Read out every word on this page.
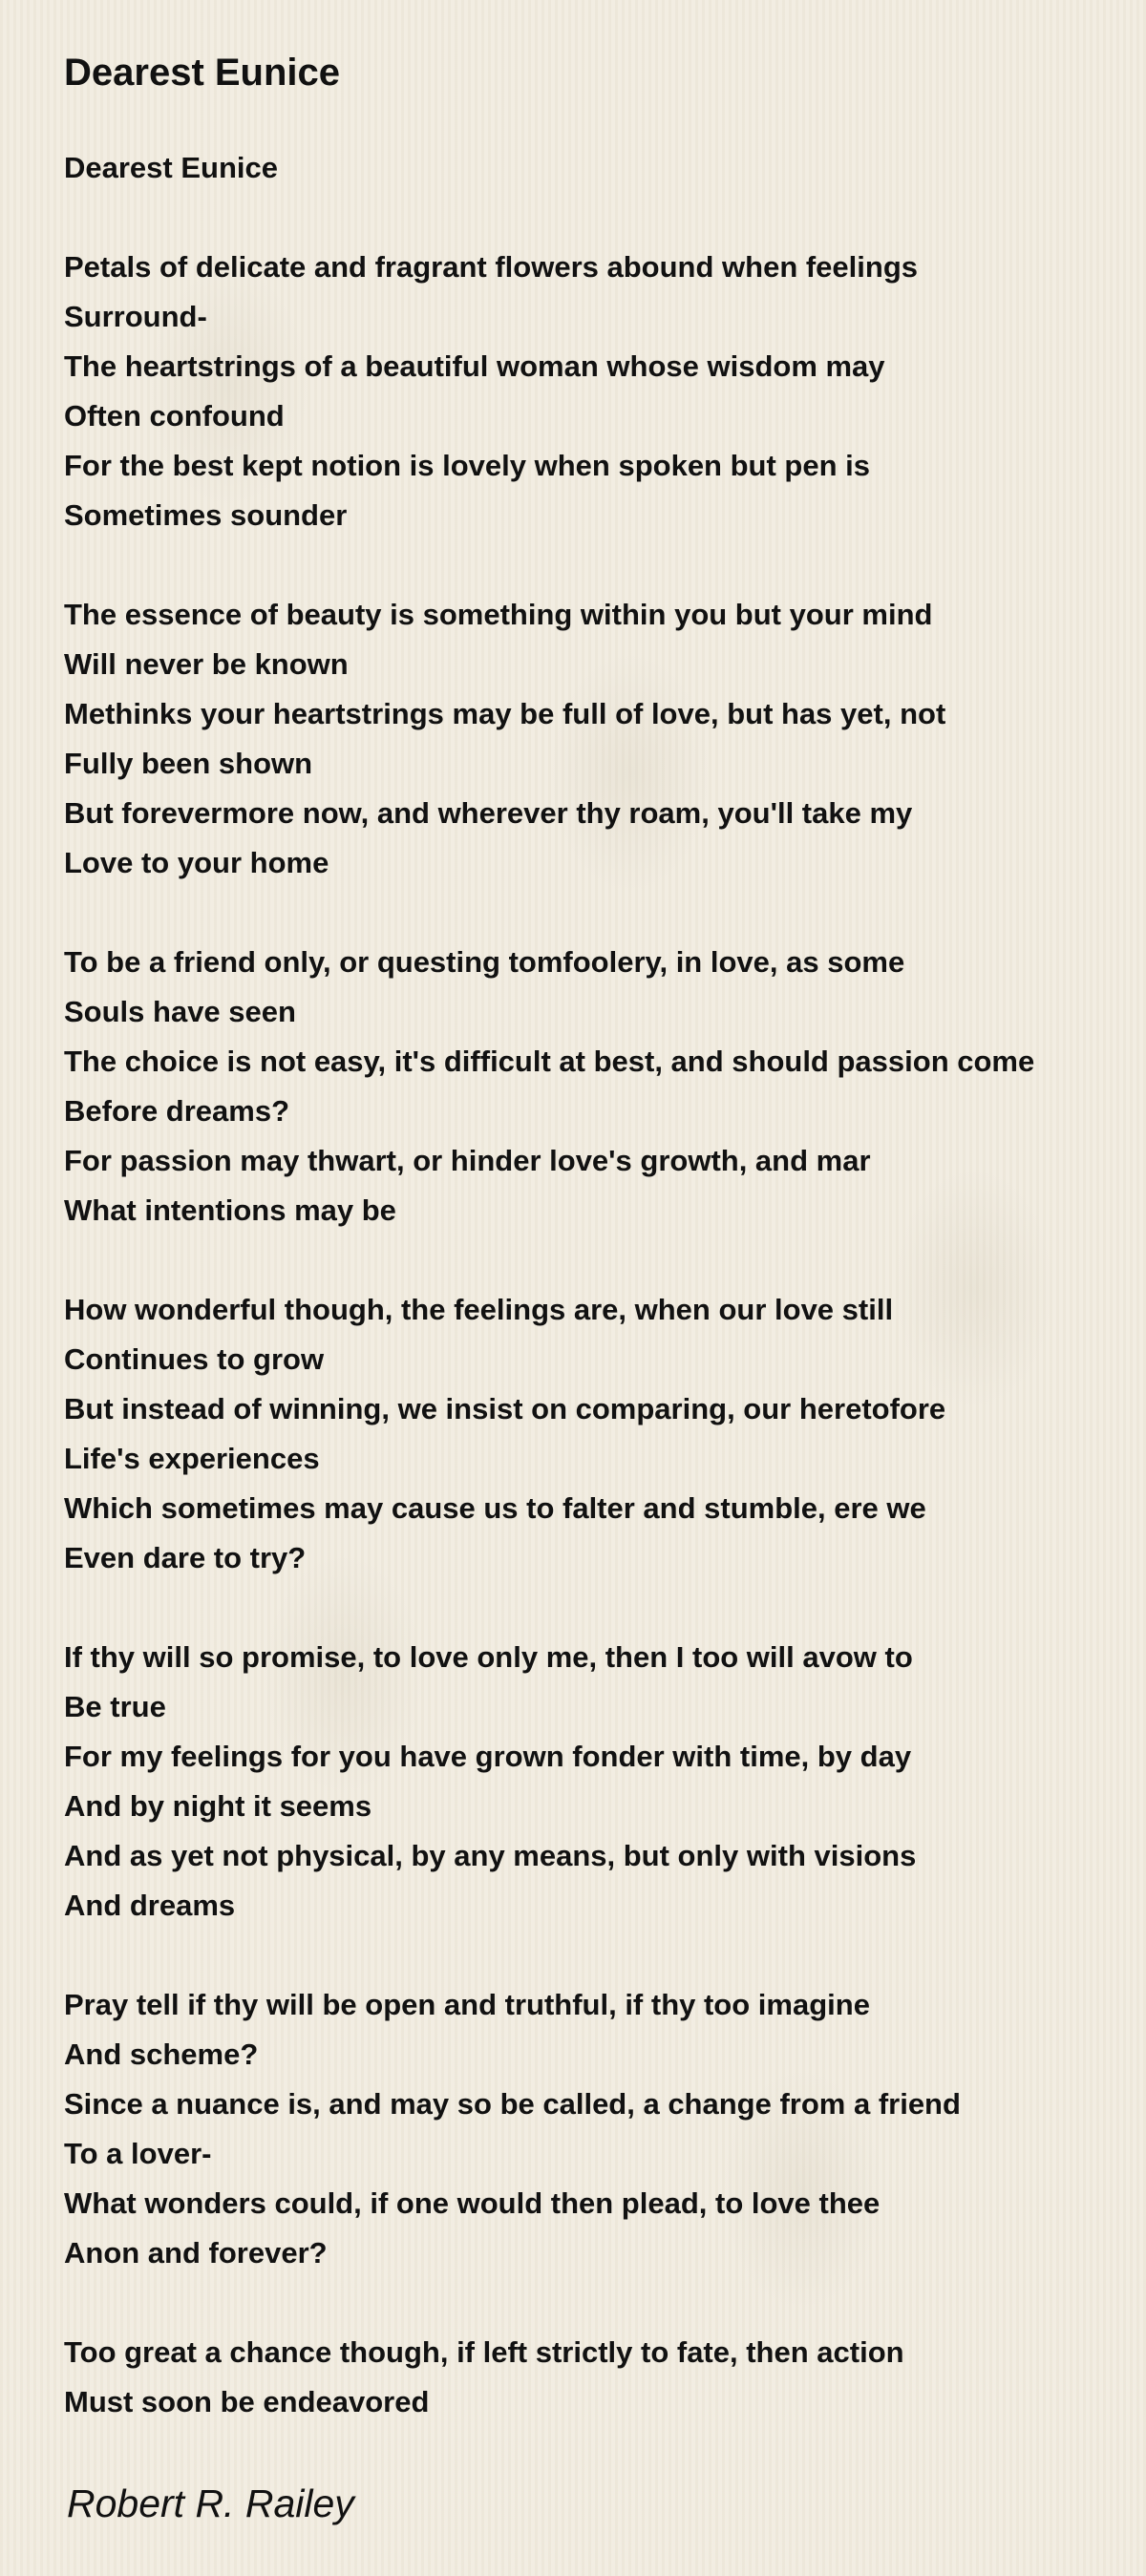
Dearest Eunice
Dearest Eunice
Petals of delicate and fragrant flowers abound when feelings
Surround-
The heartstrings of a beautiful woman whose wisdom may
Often confound
For the best kept notion is lovely when spoken but pen is
Sometimes sounder
The essence of beauty is something within you but your mind
Will never be known
Methinks your heartstrings may be full of love, but has yet, not
Fully been shown
But forevermore now, and wherever thy roam, you'll take my
Love to your home
To be a friend only, or questing tomfoolery, in love, as some
Souls have seen
The choice is not easy, it's difficult at best, and should passion come
Before dreams?
For passion may thwart, or hinder love's growth, and mar
What intentions may be
How wonderful though, the feelings are, when our love still
Continues to grow
But instead of winning, we insist on comparing, our heretofore
Life's experiences
Which sometimes may cause us to falter and stumble, ere we
Even dare to try?
If thy will so promise, to love only me, then I too will avow to
Be true
For my feelings for you have grown fonder with time, by day
And by night it seems
And as yet not physical, by any means, but only with visions
And dreams
Pray tell if thy will be open and truthful, if thy too imagine
And scheme?
Since a nuance is, and may so be called, a change from a friend
To a lover-
What wonders could, if one would then plead, to love thee
Anon and forever?
Too great a chance though, if left strictly to fate, then action
Must soon be endeavored
Robert R. Railey
